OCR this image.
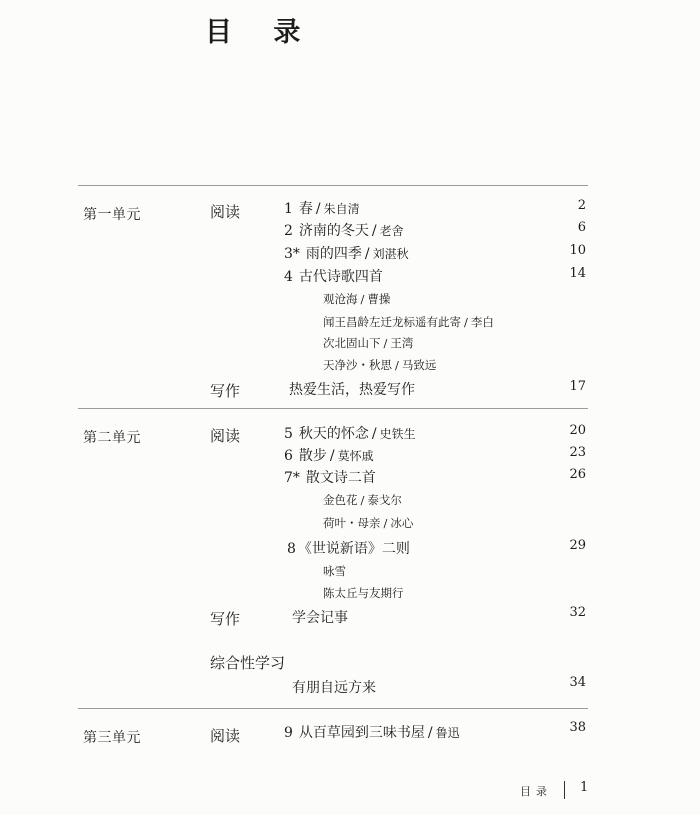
目 录
第一单元	阅读	1 春 / 朱自清	2
2 济南的冬天 / 老舍	6
3* 雨的四季 / 刘湛秋	10
4 古代诗歌四首	14
观沧海 / 曹操
闻王昌龄左迁龙标遥有此寄 / 李白
次北固山下 / 王湾
天净沙・秋思 / 马致远
写作	热爱生活，热爱写作	17
第二单元	阅读	5 秋天的怀念 / 史铁生	20
6 散步 / 莫怀戚	23
7* 散文诗二首	26
金色花 / 泰戈尔
荷叶・母亲 / 冰心
8 《世说新语》二则	29
咏雪
陈太丘与友期行
写作	学会记事	32
综合性学习
有朋自远方来	34
第三单元	阅读	9 从百草园到三味书屋 / 鲁迅	38
目录 1
